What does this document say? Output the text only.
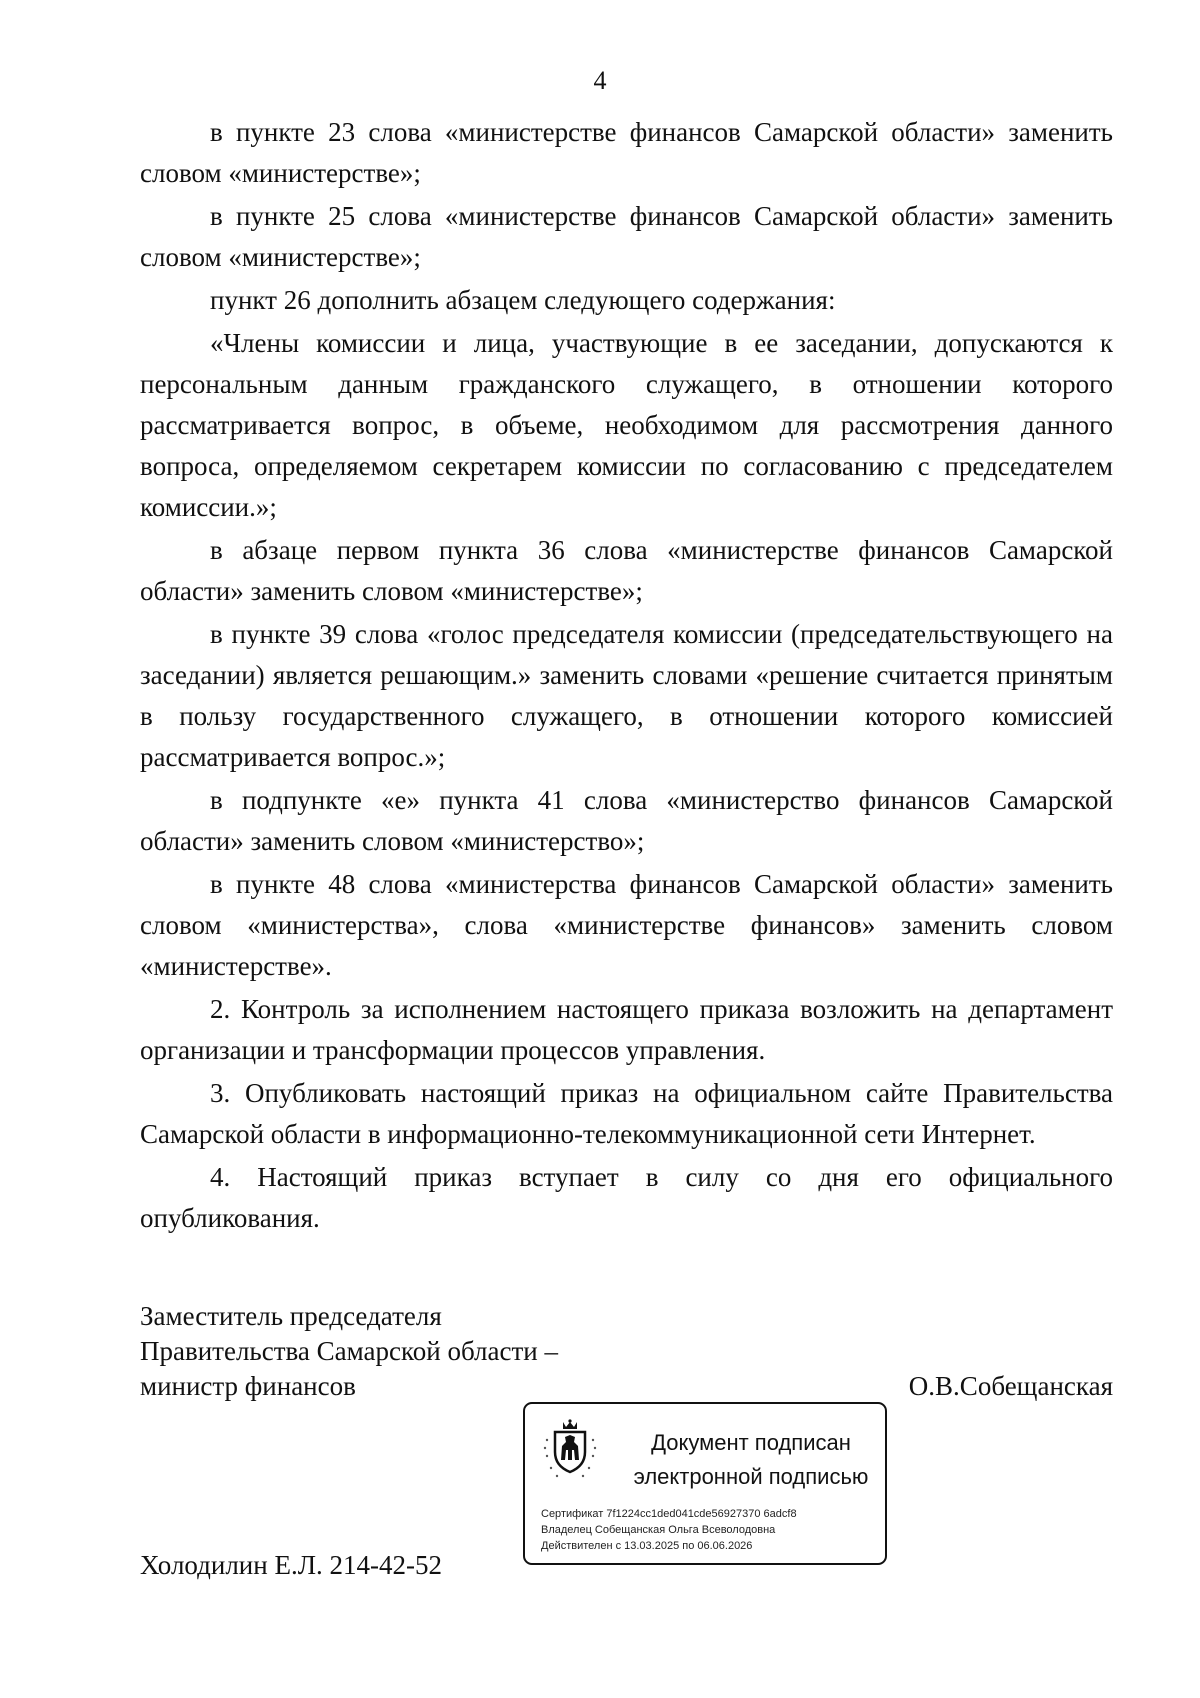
4

в пункте 23 слова «министерстве финансов Самарской области» заменить словом «министерстве»;

в пункте 25 слова «министерстве финансов Самарской области» заменить словом «министерстве»;

пункт 26 дополнить абзацем следующего содержания:

«Члены комиссии и лица, участвующие в ее заседании, допускаются к персональным данным гражданского служащего, в отношении которого рассматривается вопрос, в объеме, необходимом для рассмотрения данного вопроса, определяемом секретарем комиссии по согласованию с председателем комиссии.»;

в абзаце первом пункта 36 слова «министерстве финансов Самарской области» заменить словом «министерстве»;

в пункте 39 слова «голос председателя комиссии (председательствующего на заседании) является решающим.» заменить словами «решение считается принятым в пользу государственного служащего, в отношении которого комиссией рассматривается вопрос.»;

в подпункте «е» пункта 41 слова «министерство финансов Самарской области» заменить словом «министерство»;

в пункте 48 слова «министерства финансов Самарской области» заменить словом «министерства», слова «министерстве финансов» заменить словом «министерстве».

2. Контроль за исполнением настоящего приказа возложить на департамент организации и трансформации процессов управления.

3. Опубликовать настоящий приказ на официальном сайте Правительства Самарской области в информационно-телекоммуникационной сети Интернет.

4. Настоящий приказ вступает в силу со дня его официального опубликования.

Заместитель председателя
Правительства Самарской области –
министр финансов	О.В.Собещанская
Документ подписан
электронной подписью
Сертификат 7f1224cc1ded041cde56927370 6adcf8
Владелец Собещанская Ольга Всеволодовна
Действителен с 13.03.2025 по 06.06.2026
Холодилин Е.Л. 214-42-52
